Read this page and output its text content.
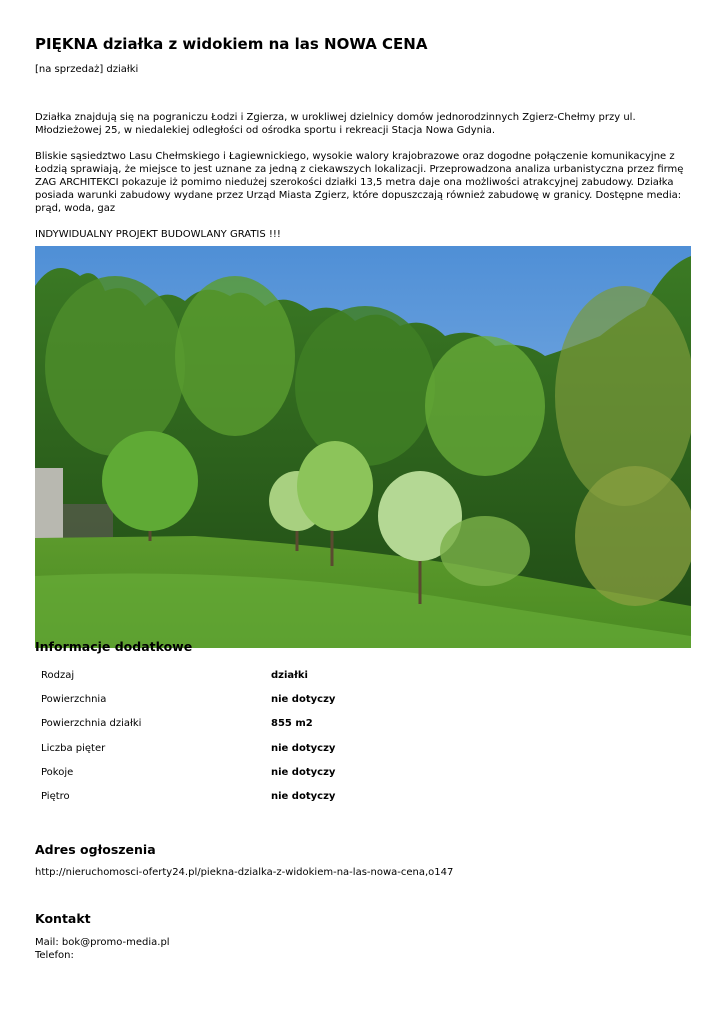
PIĘKNA działka z widokiem na las NOWA CENA
[na sprzedaż] działki

Działka znajdują się na pograniczu Łodzi i Zgierza, w urokliwej dzielnicy domów jednorodzinnych Zgierz-Chełmy przy ul. Młodzieżowej 25, w niedalekiej odległości od ośrodka sportu i rekreacji Stacja Nowa Gdynia.

Bliskie sąsiedztwo Lasu Chełmskiego i Łagiewnickiego, wysokie walory krajobrazowe oraz dogodne połączenie komunikacyjne z Łodzią sprawiają, że miejsce to jest uznane za jedną z ciekawszych lokalizacji. Przeprowadzona analiza urbanistyczna przez firmę ZAG ARCHITEKCI pokazuje iż pomimo niedużej szerokości działki 13,5 metra daje ona możliwości atrakcyjnej zabudowy. Działka posiada warunki zabudowy wydane przez Urząd Miasta Zgierz, które dopuszczają również zabudowę w granicy. Dostępne media: prąd, woda, gaz

INDYWIDUALNY PROJEKT BUDOWLANY GRATIS !!!

Informacje dodatkowe
Rodzaj	działki
Powierzchnia	nie dotyczy
Powierzchnia działki	855 m2
Liczba pięter	nie dotyczy
Pokoje	nie dotyczy
Piętro	nie dotyczy
Adres ogłoszenia
http://nieruchomosci-oferty24.pl/piekna-dzialka-z-widokiem-na-las-nowa-cena,o147
Kontakt
Mail: bok@promo-media.pl
Telefon:
